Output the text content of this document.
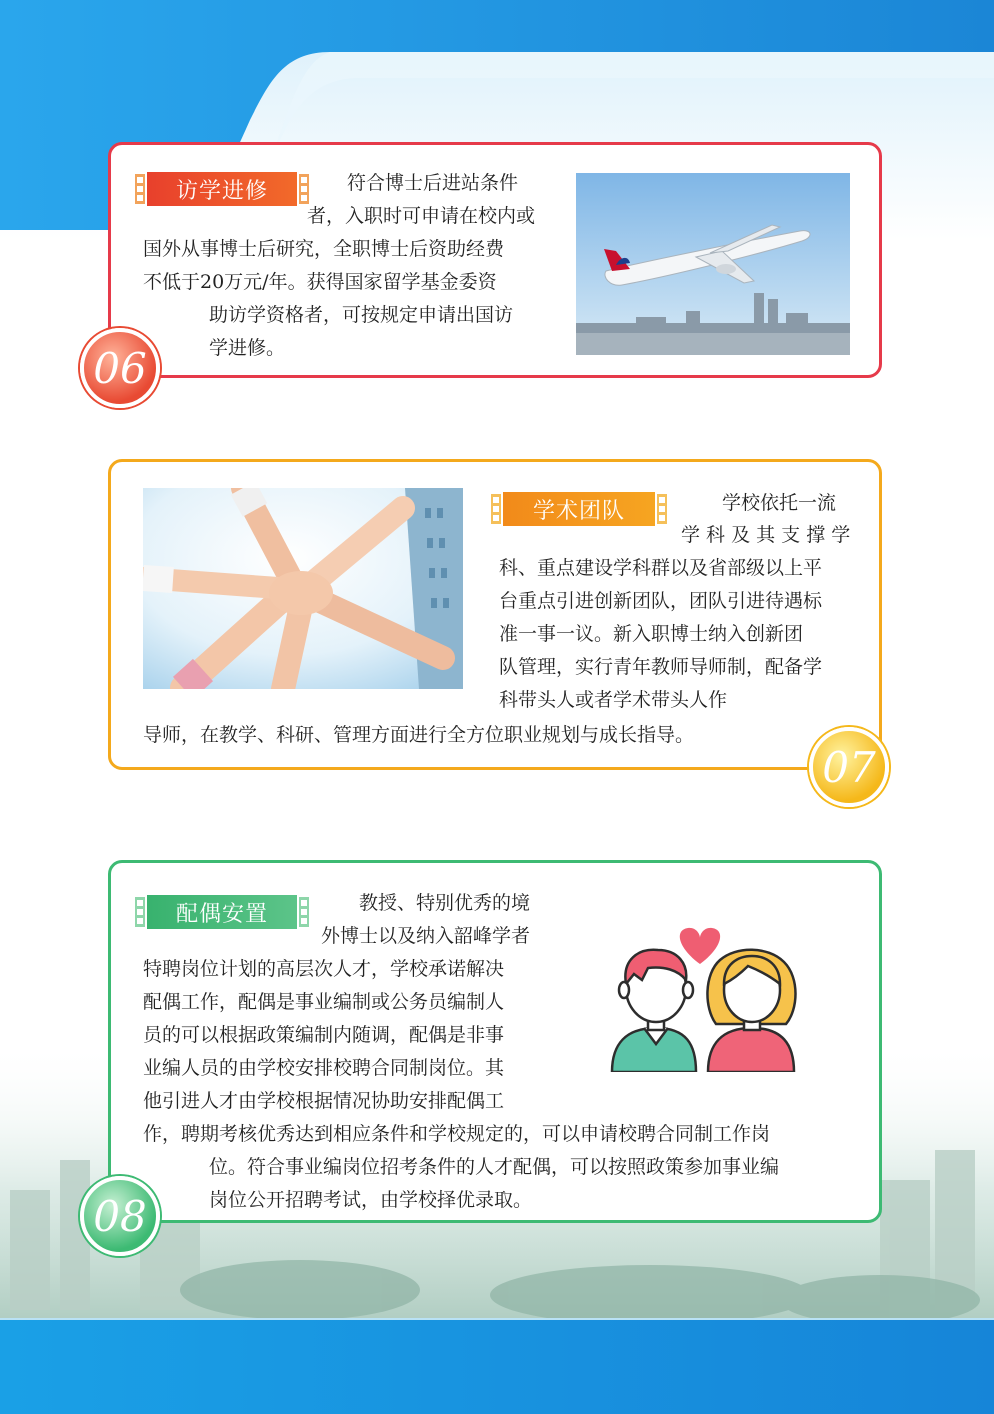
访学进修	符合博士后进站条件
者，入职时可申请在校内或
国外从事博士后研究，全职博士后资助经费
不低于20万元/年。获得国家留学基金委资
助访学资格者，可按规定申请出国访
学进修。
06
学术团队	学校依托一流
学 科 及 其 支 撑 学
科、重点建设学科群以及省部级以上平
台重点引进创新团队，团队引进待遇标
准一事一议。新入职博士纳入创新团
队管理，实行青年教师导师制，配备学
科带头人或者学术带头人作
导师，在教学、科研、管理方面进行全方位职业规划与成长指导。
07
配偶安置	教授、特别优秀的境
外博士以及纳入韶峰学者
特聘岗位计划的高层次人才，学校承诺解决
配偶工作，配偶是事业编制或公务员编制人
员的可以根据政策编制内随调，配偶是非事
业编人员的由学校安排校聘合同制岗位。其
他引进人才由学校根据情况协助安排配偶工
作，聘期考核优秀达到相应条件和学校规定的，可以申请校聘合同制工作岗
位。符合事业编岗位招考条件的人才配偶，可以按照政策参加事业编
岗位公开招聘考试，由学校择优录取。
08
